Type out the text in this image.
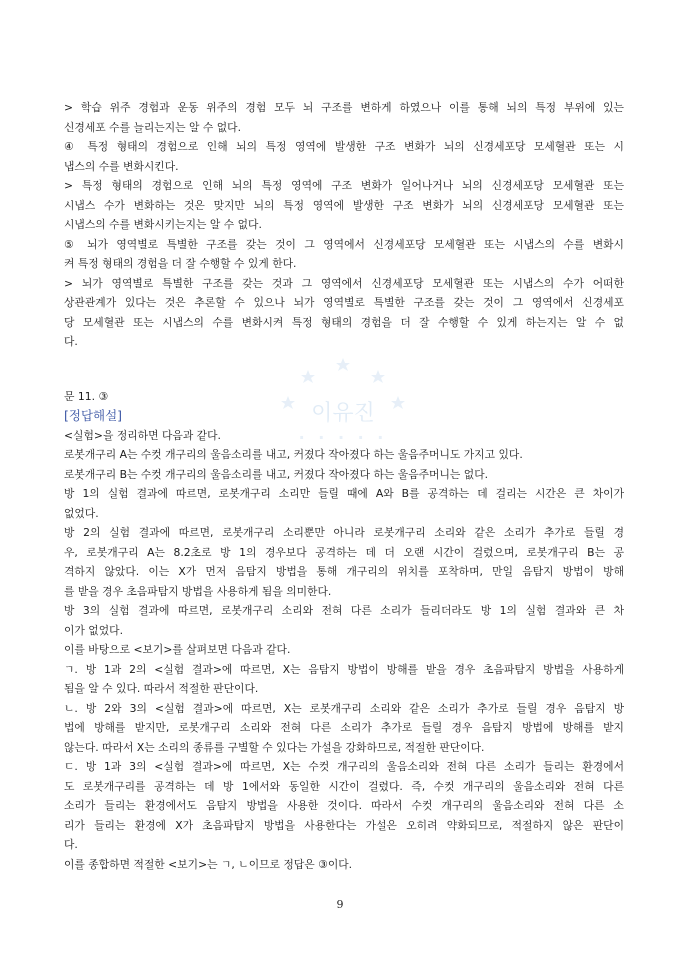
이유진
· · · · ·
> 학습 위주 경험과 운동 위주의 경험 모두 뇌 구조를 변하게 하였으나 이를 통해 뇌의 특정 부위에 있는
신경세포 수를 늘리는지는 알 수 없다.
④ 특정 형태의 경험으로 인해 뇌의 특정 영역에 발생한 구조 변화가 뇌의 신경세포당 모세혈관 또는 시
냅스의 수를 변화시킨다.
> 특정 형태의 경험으로 인해 뇌의 특정 영역에 구조 변화가 일어나거나 뇌의 신경세포당 모세혈관 또는
시냅스 수가 변화하는 것은 맞지만 뇌의 특정 영역에 발생한 구조 변화가 뇌의 신경세포당 모세혈관 또는
시냅스의 수를 변화시키는지는 알 수 없다.
⑤ 뇌가 영역별로 특별한 구조를 갖는 것이 그 영역에서 신경세포당 모세혈관 또는 시냅스의 수를 변화시
켜 특정 형태의 경험을 더 잘 수행할 수 있게 한다.
> 뇌가 영역별로 특별한 구조를 갖는 것과 그 영역에서 신경세포당 모세혈관 또는 시냅스의 수가 어떠한
상관관계가 있다는 것은 추론할 수 있으나 뇌가 영역별로 특별한 구조를 갖는 것이 그 영역에서 신경세포
당 모세혈관 또는 시냅스의 수를 변화시켜 특정 형태의 경험을 더 잘 수행할 수 있게 하는지는 알 수 없
다.
문 11. ③
[정답해설]
<실험>을 정리하면 다음과 같다.
로봇개구리 A는 수컷 개구리의 울음소리를 내고, 커졌다 작아졌다 하는 울음주머니도 가지고 있다.
로봇개구리 B는 수컷 개구리의 울음소리를 내고, 커졌다 작아졌다 하는 울음주머니는 없다.
방 1의 실험 결과에 따르면, 로봇개구리 소리만 들릴 때에 A와 B를 공격하는 데 걸리는 시간은 큰 차이가
없었다.
방 2의 실험 결과에 따르면, 로봇개구리 소리뿐만 아니라 로봇개구리 소리와 같은 소리가 추가로 들릴 경
우, 로봇개구리 A는 8.2초로 방 1의 경우보다 공격하는 데 더 오랜 시간이 걸렸으며, 로봇개구리 B는 공
격하지 않았다. 이는 X가 먼저 음탐지 방법을 통해 개구리의 위치를 포착하며, 만일 음탐지 방법이 방해
를 받을 경우 초음파탐지 방법을 사용하게 됨을 의미한다.
방 3의 실험 결과에 따르면, 로봇개구리 소리와 전혀 다른 소리가 들리더라도 방 1의 실험 결과와 큰 차
이가 없었다.
이를 바탕으로 <보기>를 살펴보면 다음과 같다.
ㄱ. 방 1과 2의 <실험 결과>에 따르면, X는 음탐지 방법이 방해를 받을 경우 초음파탐지 방법을 사용하게
됨을 알 수 있다. 따라서 적절한 판단이다.
ㄴ. 방 2와 3의 <실험 결과>에 따르면, X는 로봇개구리 소리와 같은 소리가 추가로 들릴 경우 음탐지 방
법에 방해를 받지만, 로봇개구리 소리와 전혀 다른 소리가 추가로 들릴 경우 음탐지 방법에 방해를 받지
않는다. 따라서 X는 소리의 종류를 구별할 수 있다는 가설을 강화하므로, 적절한 판단이다.
ㄷ. 방 1과 3의 <실험 결과>에 따르면, X는 수컷 개구리의 울음소리와 전혀 다른 소리가 들리는 환경에서
도 로봇개구리를 공격하는 데 방 1에서와 동일한 시간이 걸렸다. 즉, 수컷 개구리의 울음소리와 전혀 다른
소리가 들리는 환경에서도 음탐지 방법을 사용한 것이다. 따라서 수컷 개구리의 울음소리와 전혀 다른 소
리가 들리는 환경에 X가 초음파탐지 방법을 사용한다는 가설은 오히려 약화되므로, 적절하지 않은 판단이
다.
이를 종합하면 적절한 <보기>는 ㄱ, ㄴ이므로 정답은 ③이다.
9
